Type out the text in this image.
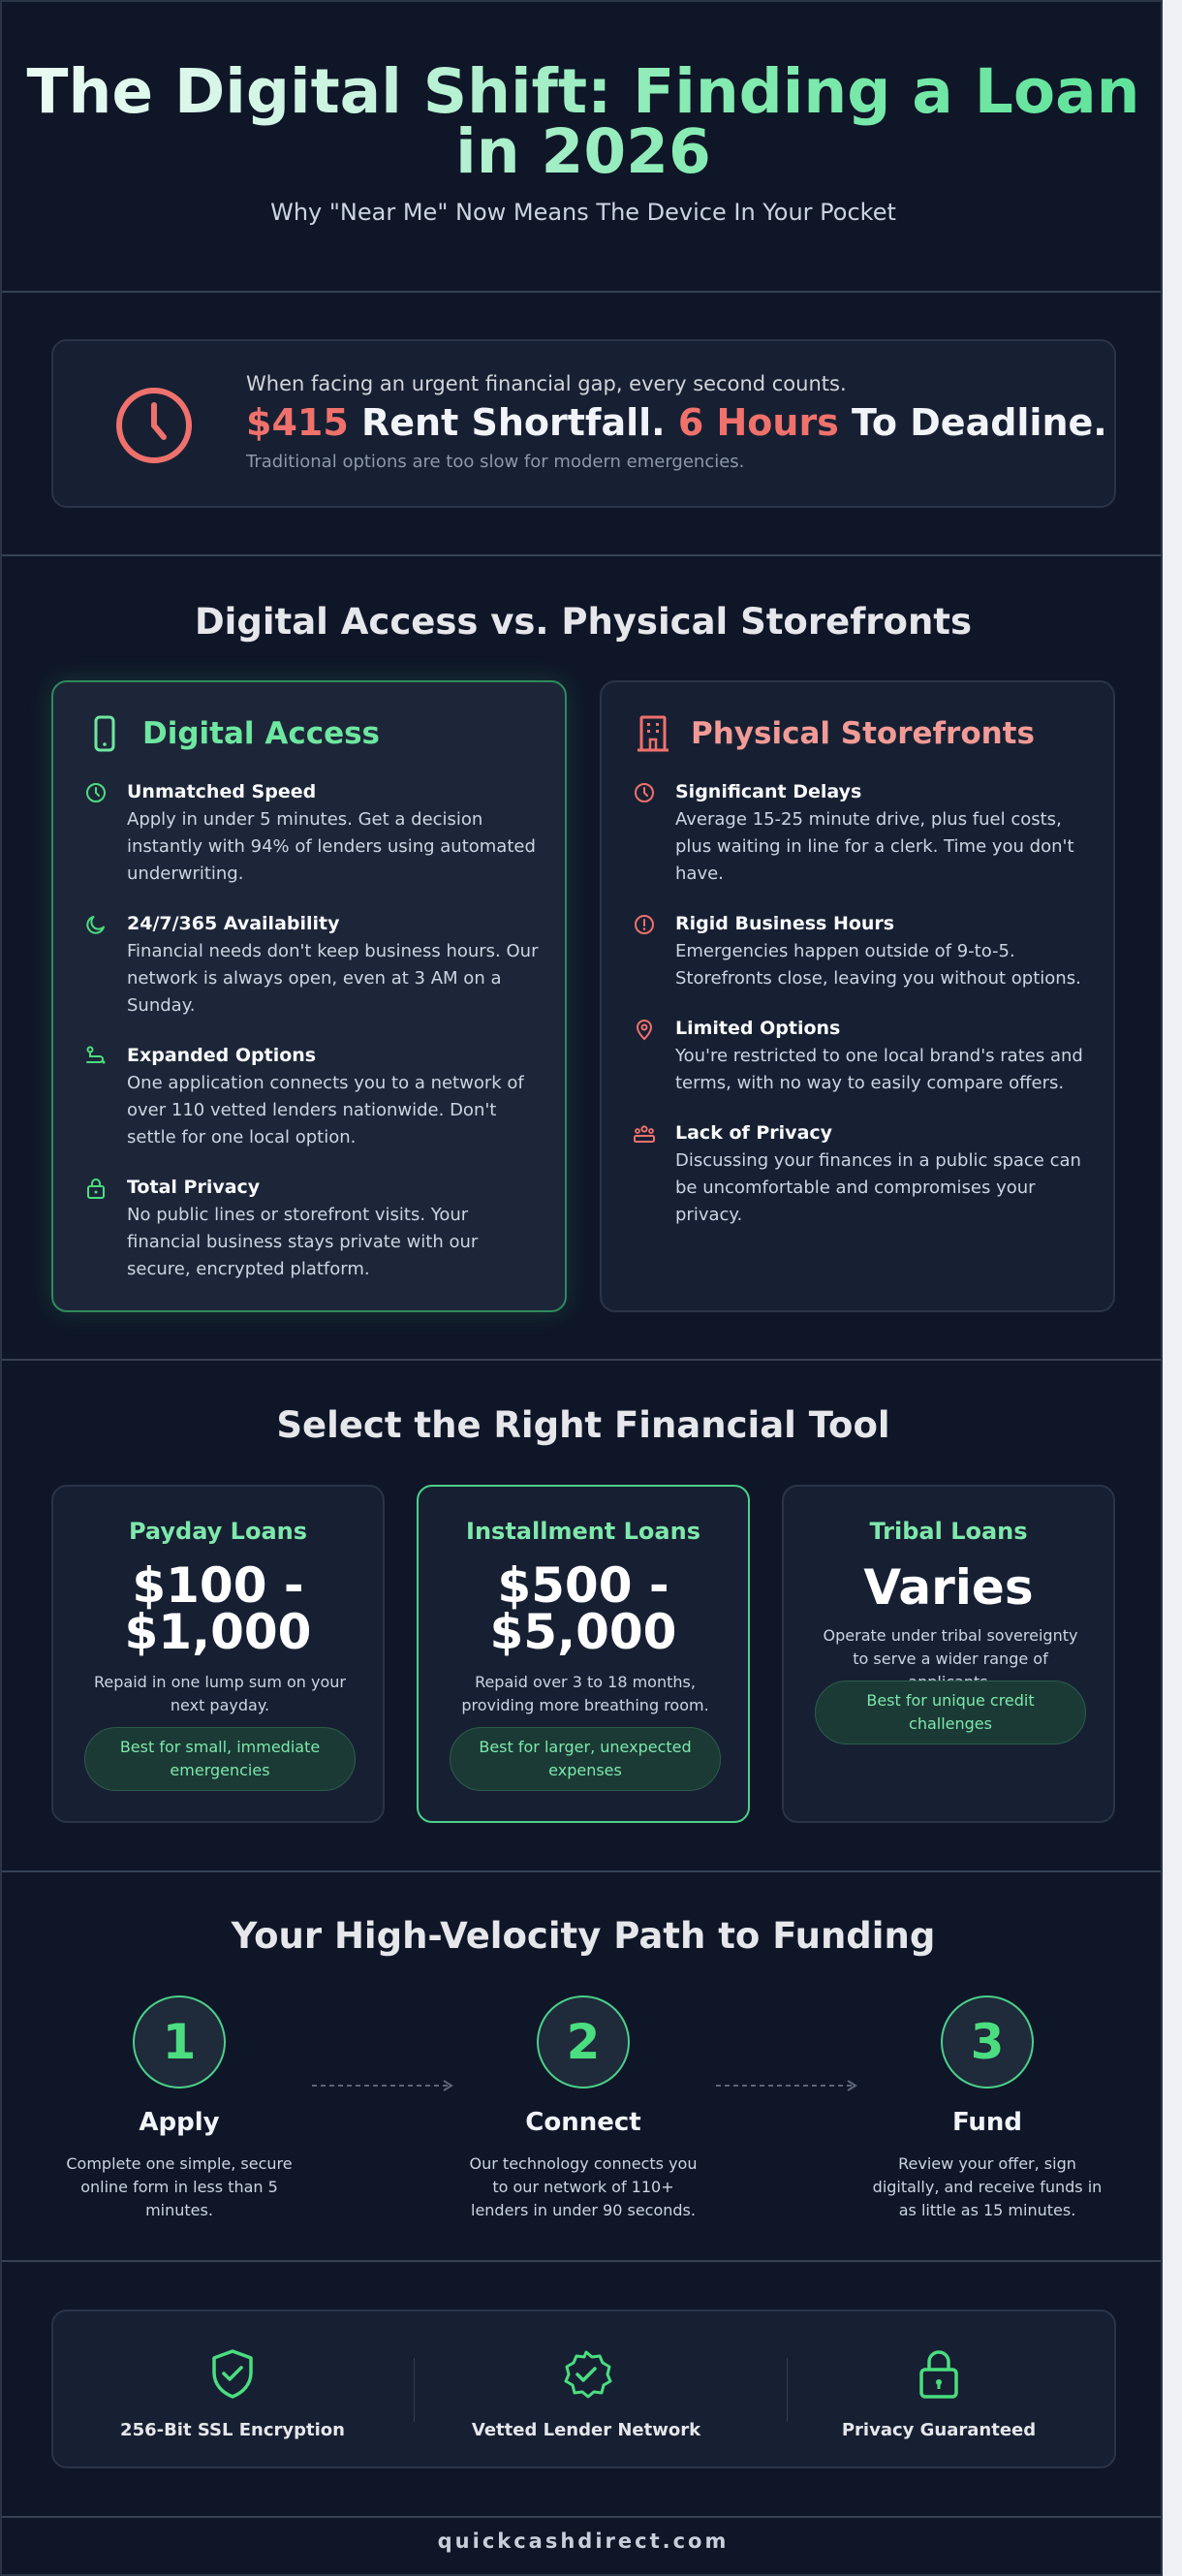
The Digital Shift: Finding a Loan in 2026
Why "Near Me" Now Means The Device In Your Pocket
When facing an urgent financial gap, every second counts.
$415 Rent Shortfall. 6 Hours To Deadline.
Traditional options are too slow for modern emergencies.
Digital Access vs. Physical Storefronts
Digital Access
Unmatched Speed
Apply in under 5 minutes. Get a decision instantly with 94% of lenders using automated underwriting.
24/7/365 Availability
Financial needs don't keep business hours. Our network is always open, even at 3 AM on a Sunday.
Expanded Options
One application connects you to a network of over 110 vetted lenders nationwide. Don't settle for one local option.
Total Privacy
No public lines or storefront visits. Your financial business stays private with our secure, encrypted platform.
Physical Storefronts
Significant Delays
Average 15-25 minute drive, plus fuel costs, plus waiting in line for a clerk. Time you don't have.
Rigid Business Hours
Emergencies happen outside of 9-to-5. Storefronts close, leaving you without options.
Limited Options
You're restricted to one local brand's rates and terms, with no way to easily compare offers.
Lack of Privacy
Discussing your finances in a public space can be uncomfortable and compromises your privacy.
Select the Right Financial Tool
Payday Loans
$100 -
$1,000
Repaid in one lump sum on your next payday.
Best for small, immediate emergencies
Installment Loans
$500 -
$5,000
Repaid over 3 to 18 months, providing more breathing room.
Best for larger, unexpected expenses
Tribal Loans
Varies
Operate under tribal sovereignty to serve a wider range of
Best for unique credit challenges
Your High-Velocity Path to Funding
1
Apply
Complete one simple, secure online form in less than 5 minutes.
2
Connect
Our technology connects you to our network of 110+ lenders in under 90 seconds.
3
Fund
Review your offer, sign digitally, and receive funds in as little as 15 minutes.
256-Bit SSL Encryption	Vetted Lender Network	Privacy Guaranteed
quickcashdirect.com
